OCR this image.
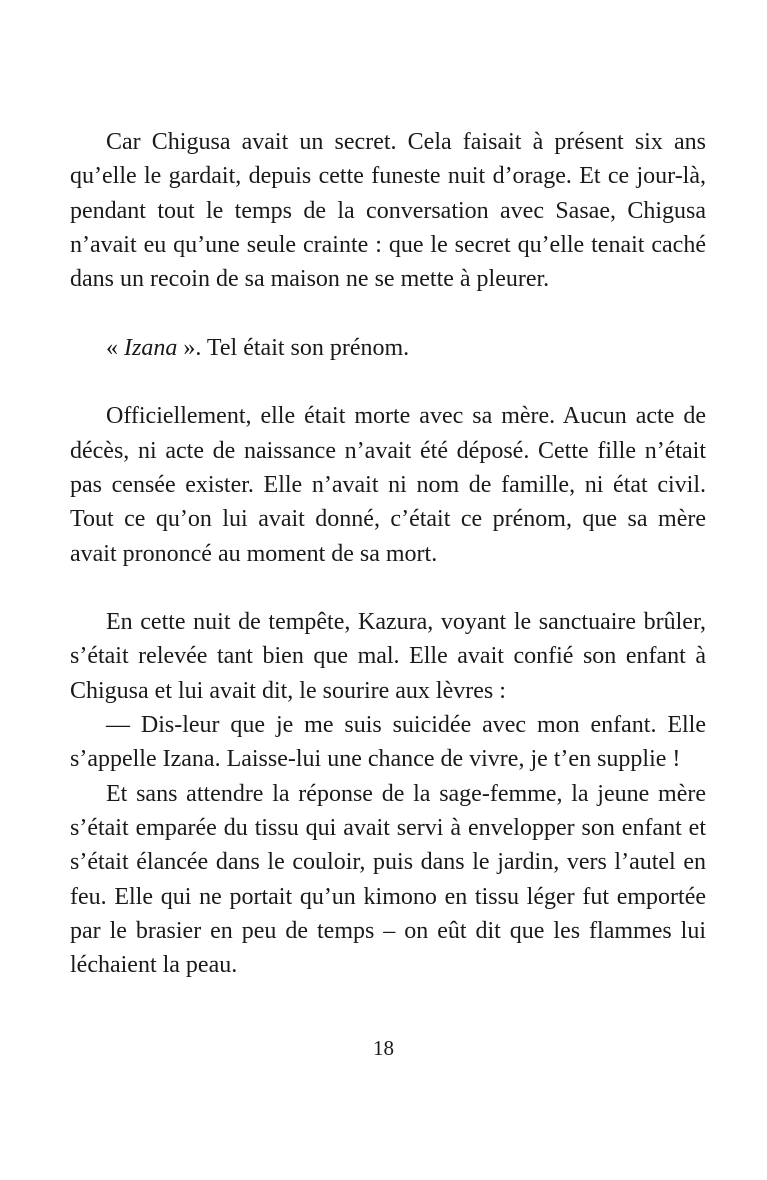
Car Chigusa avait un secret. Cela faisait à présent six ans qu’elle le gardait, depuis cette funeste nuit d’orage. Et ce jour-là, pendant tout le temps de la conversation avec Sasae, Chigusa n’avait eu qu’une seule crainte : que le secret qu’elle tenait caché dans un recoin de sa maison ne se mette à pleurer.

« Izana ». Tel était son prénom.

Officiellement, elle était morte avec sa mère. Aucun acte de décès, ni acte de naissance n’avait été déposé. Cette fille n’était pas censée exister. Elle n’avait ni nom de famille, ni état civil. Tout ce qu’on lui avait donné, c’était ce prénom, que sa mère avait prononcé au moment de sa mort.

En cette nuit de tempête, Kazura, voyant le sanctuaire brûler, s’était relevée tant bien que mal. Elle avait confié son enfant à Chigusa et lui avait dit, le sourire aux lèvres :

— Dis-leur que je me suis suicidée avec mon enfant. Elle s’appelle Izana. Laisse-lui une chance de vivre, je t’en supplie !

Et sans attendre la réponse de la sage-femme, la jeune mère s’était emparée du tissu qui avait servi à envelopper son enfant et s’était élancée dans le couloir, puis dans le jardin, vers l’autel en feu. Elle qui ne portait qu’un kimono en tissu léger fut emportée par le brasier en peu de temps – on eût dit que les flammes lui léchaient la peau.

18
